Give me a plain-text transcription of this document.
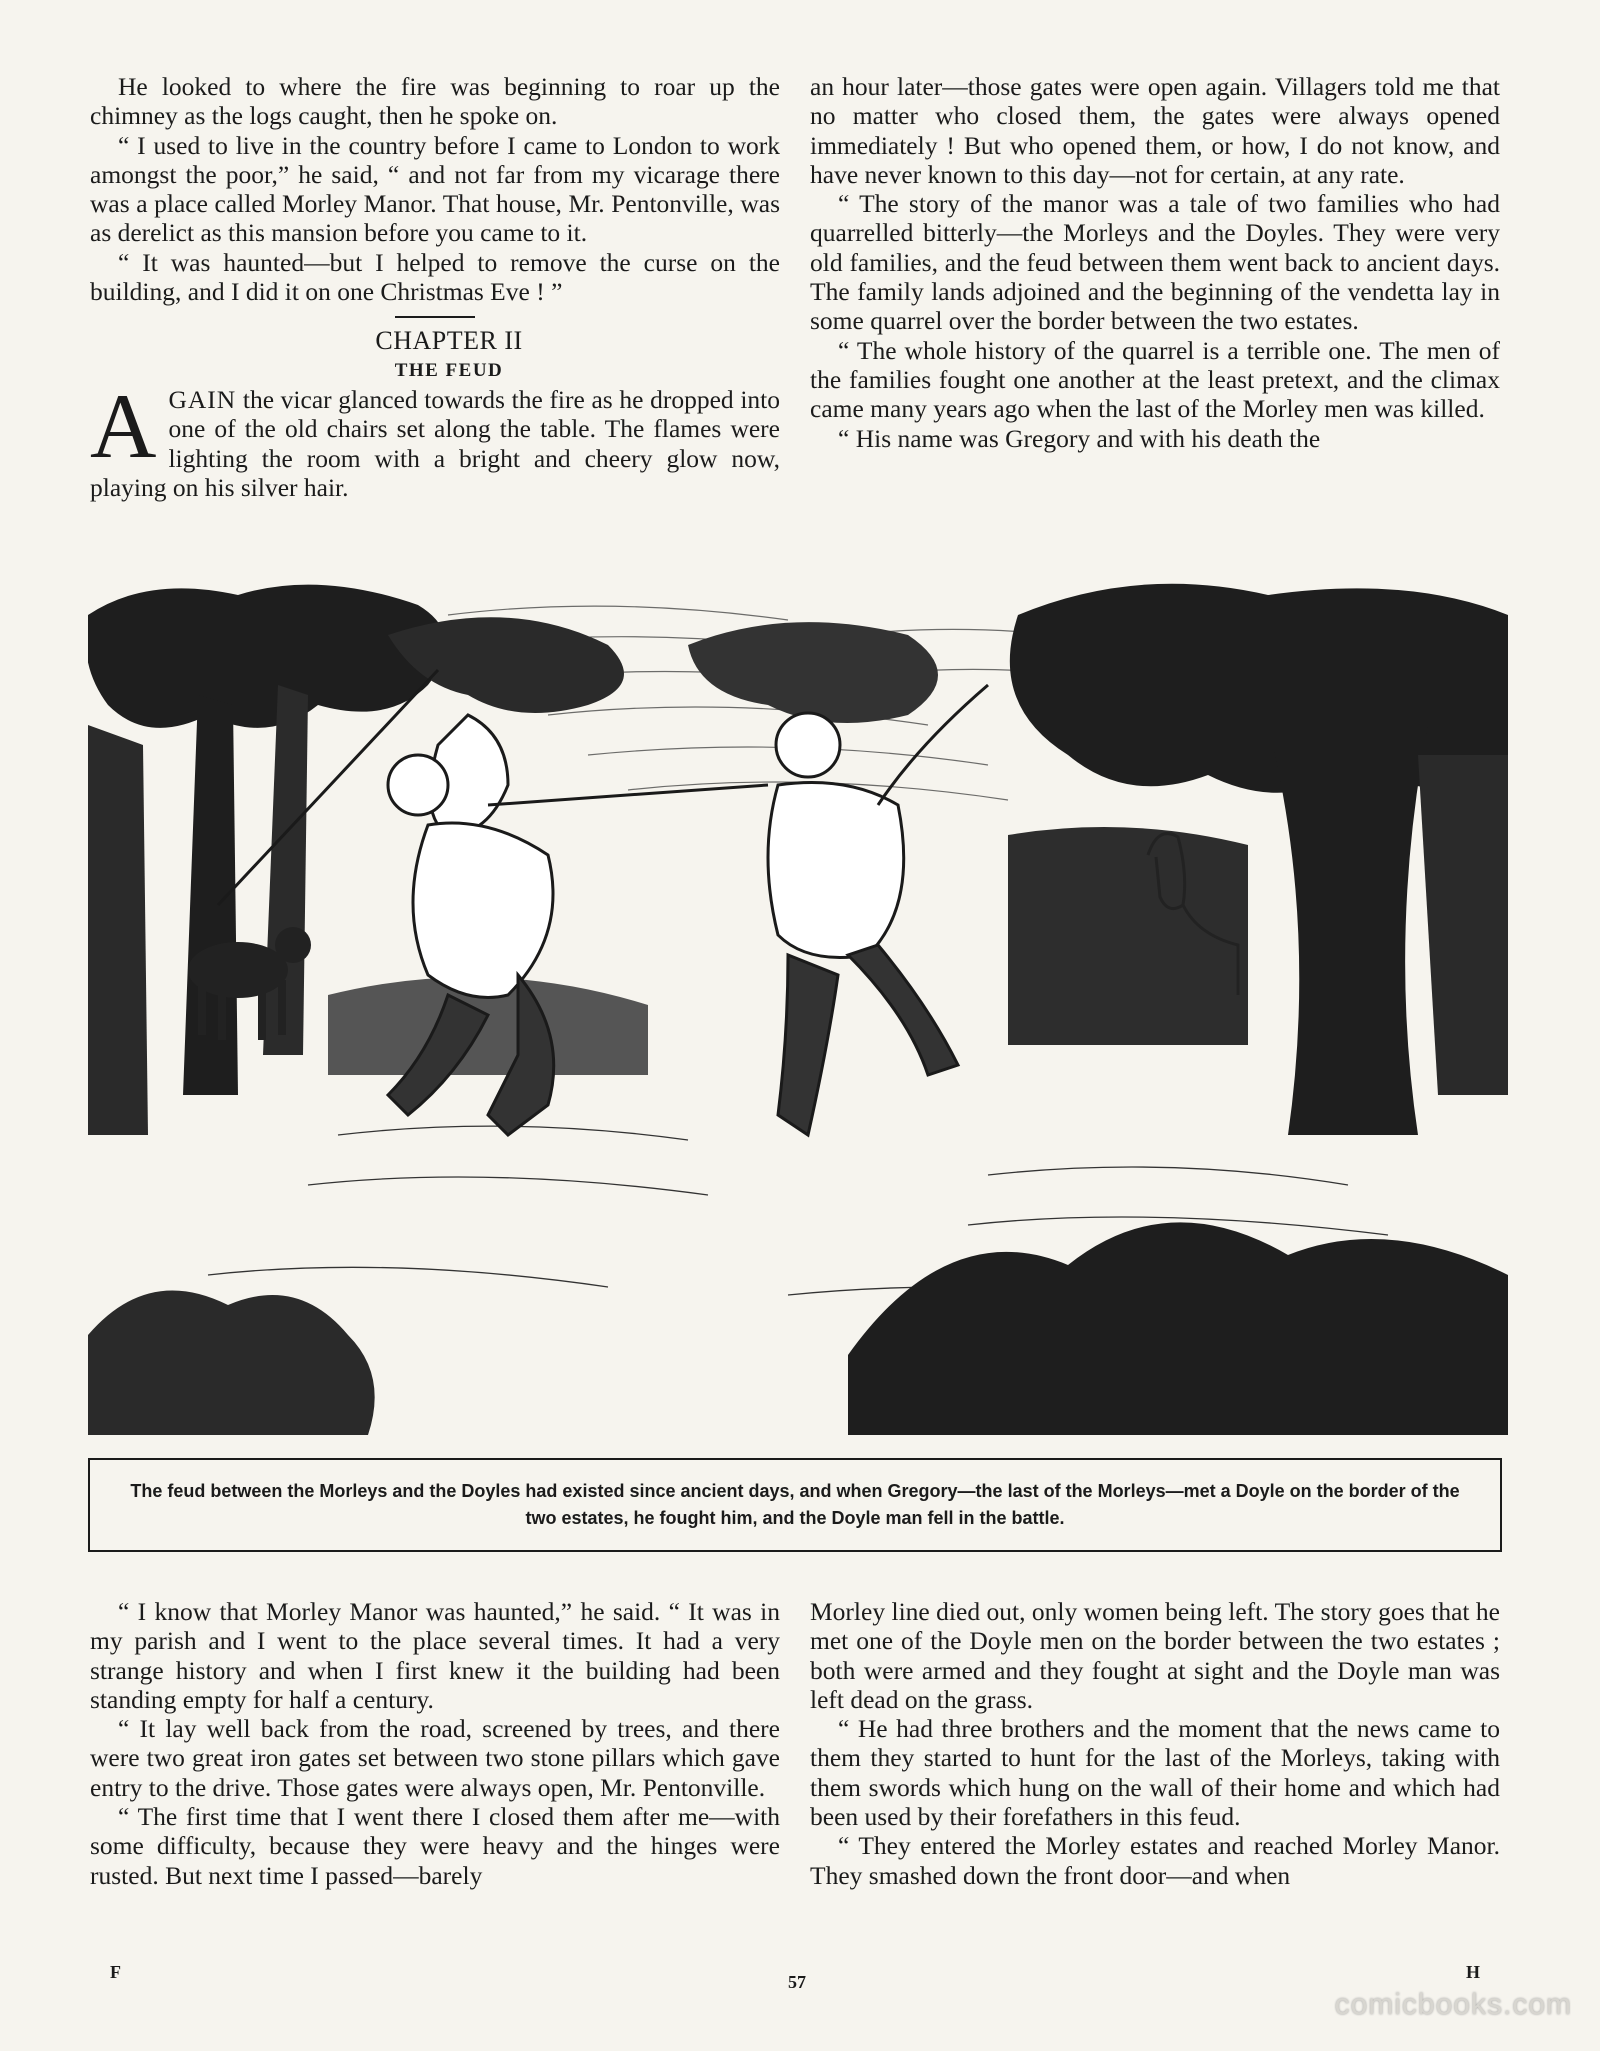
He looked to where the fire was beginning to roar up the chimney as the logs caught, then he spoke on.

“ I used to live in the country before I came to London to work amongst the poor,” he said, “ and not far from my vicarage there was a place called Morley Manor. That house, Mr. Pentonville, was as derelict as this mansion before you came to it.

“ It was haunted—but I helped to remove the curse on the building, and I did it on one Christmas Eve ! ”

CHAPTER II

THE FEUD

AGAIN the vicar glanced towards the fire as he dropped into one of the old chairs set along the table. The flames were lighting the room with a bright and cheery glow now, playing on his silver hair.

an hour later—those gates were open again. Villagers told me that no matter who closed them, the gates were always opened immediately ! But who opened them, or how, I do not know, and have never known to this day—not for certain, at any rate.

“ The story of the manor was a tale of two families who had quarrelled bitterly—the Morleys and the Doyles. They were very old families, and the feud between them went back to ancient days. The family lands adjoined and the beginning of the vendetta lay in some quarrel over the border between the two estates.

“ The whole history of the quarrel is a terrible one. The men of the families fought one another at the least pretext, and the climax came many years ago when the last of the Morley men was killed.

“ His name was Gregory and with his death the

The feud between the Morleys and the Doyles had existed since ancient days, and when Gregory—the last of the Morleys—met a Doyle on the border of the two estates, he fought him, and the Doyle man fell in the battle.

“ I know that Morley Manor was haunted,” he said. “ It was in my parish and I went to the place several times. It had a very strange history and when I first knew it the building had been standing empty for half a century.

“ It lay well back from the road, screened by trees, and there were two great iron gates set between two stone pillars which gave entry to the drive. Those gates were always open, Mr. Pentonville.

“ The first time that I went there I closed them after me—with some difficulty, because they were heavy and the hinges were rusted. But next time I passed—barely

Morley line died out, only women being left. The story goes that he met one of the Doyle men on the border between the two estates ; both were armed and they fought at sight and the Doyle man was left dead on the grass.

“ He had three brothers and the moment that the news came to them they started to hunt for the last of the Morleys, taking with them swords which hung on the wall of their home and which had been used by their forefathers in this feud.

“ They entered the Morley estates and reached Morley Manor. They smashed down the front door—and when

F	57	H
comicbooks.com
